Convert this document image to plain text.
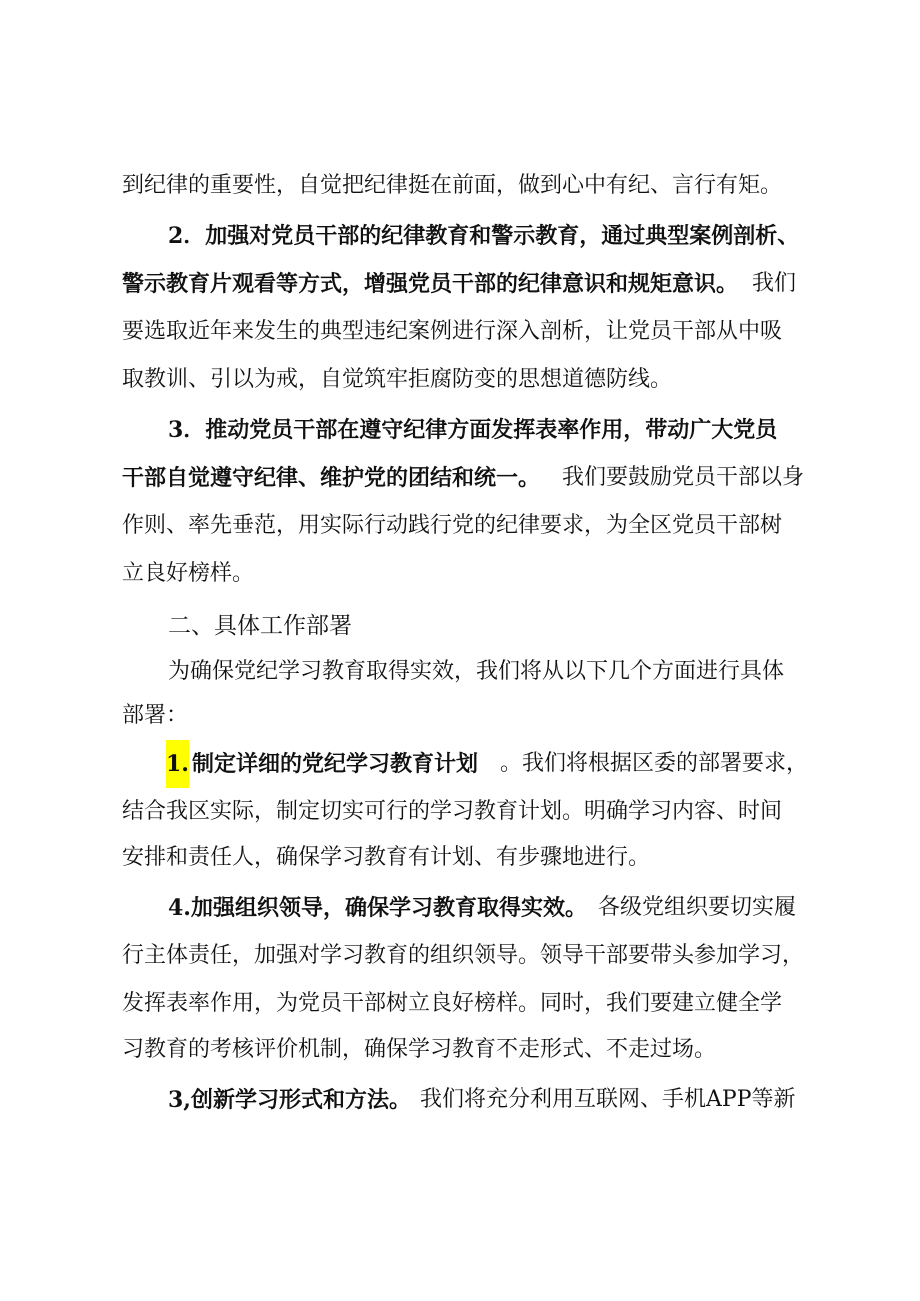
到纪律的重要性，自觉把纪律挺在前面，做到心中有纪、言行有矩。
2．加强对党员干部的纪律教育和警示教育，通过典型案例剖析、
警示教育片观看等方式，增强党员干部的纪律意识和规矩意识。 我们
要选取近年来发生的典型违纪案例进行深入剖析，让党员干部从中吸
取教训、引以为戒，自觉筑牢拒腐防变的思想道德防线。
3．推动党员干部在遵守纪律方面发挥表率作用，带动广大党员
干部自觉遵守纪律、维护党的团结和统一。 我们要鼓励党员干部以身
作则、率先垂范，用实际行动践行党的纪律要求，为全区党员干部树
立良好榜样。
二、具体工作部署
为确保党纪学习教育取得实效，我们将从以下几个方面进行具体
部署：
1. 制定详细的党纪学习教育计划 。我们将根据区委的部署要求，
结合我区实际，制定切实可行的学习教育计划。明确学习内容、时间
安排和责任人，确保学习教育有计划、有步骤地进行。
4.加强组织领导，确保学习教育取得实效。 各级党组织要切实履
行主体责任，加强对学习教育的组织领导。领导干部要带头参加学习，
发挥表率作用，为党员干部树立良好榜样。同时，我们要建立健全学
习教育的考核评价机制，确保学习教育不走形式、不走过场。
3,创新学习形式和方法。 我们将充分利用互联网、手机APP等新
